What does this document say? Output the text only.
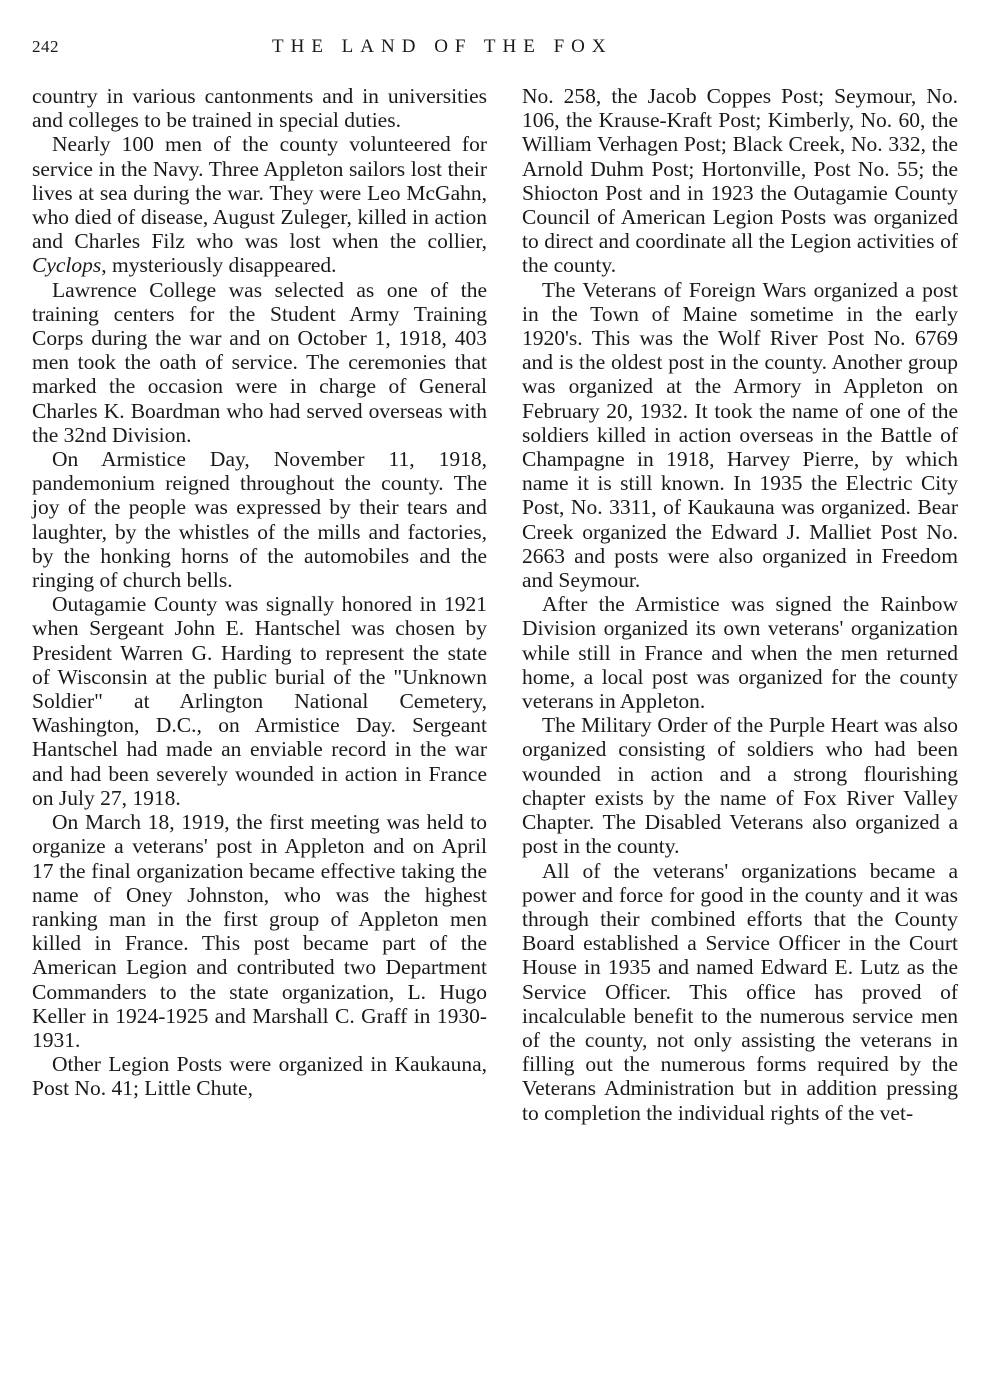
242	THE LAND OF THE FOX

country in various cantonments and in universities and colleges to be trained in special duties.

Nearly 100 men of the county volunteered for service in the Navy. Three Appleton sailors lost their lives at sea during the war. They were Leo McGahn, who died of disease, August Zuleger, killed in action and Charles Filz who was lost when the collier, Cyclops, mysteriously disappeared.

Lawrence College was selected as one of the training centers for the Student Army Training Corps during the war and on October 1, 1918, 403 men took the oath of service. The ceremonies that marked the occasion were in charge of General Charles K. Boardman who had served overseas with the 32nd Division.

On Armistice Day, November 11, 1918, pandemonium reigned throughout the county. The joy of the people was expressed by their tears and laughter, by the whistles of the mills and factories, by the honking horns of the automobiles and the ringing of church bells.

Outagamie County was signally honored in 1921 when Sergeant John E. Hantschel was chosen by President Warren G. Harding to represent the state of Wisconsin at the public burial of the "Unknown Soldier" at Arlington National Cemetery, Washington, D.C., on Armistice Day. Sergeant Hantschel had made an enviable record in the war and had been severely wounded in action in France on July 27, 1918.

On March 18, 1919, the first meeting was held to organize a veterans' post in Appleton and on April 17 the final organization became effective taking the name of Oney Johnston, who was the highest ranking man in the first group of Appleton men killed in France. This post became part of the American Legion and contributed two Department Commanders to the state organization, L. Hugo Keller in 1924-1925 and Marshall C. Graff in 1930-1931.

Other Legion Posts were organized in Kaukauna, Post No. 41; Little Chute,

No. 258, the Jacob Coppes Post; Seymour, No. 106, the Krause-Kraft Post; Kimberly, No. 60, the William Verhagen Post; Black Creek, No. 332, the Arnold Duhm Post; Hortonville, Post No. 55; the Shiocton Post and in 1923 the Outagamie County Council of American Legion Posts was organized to direct and coordinate all the Legion activities of the county.

The Veterans of Foreign Wars organized a post in the Town of Maine sometime in the early 1920's. This was the Wolf River Post No. 6769 and is the oldest post in the county. Another group was organized at the Armory in Appleton on February 20, 1932. It took the name of one of the soldiers killed in action overseas in the Battle of Champagne in 1918, Harvey Pierre, by which name it is still known. In 1935 the Electric City Post, No. 3311, of Kaukauna was organized. Bear Creek organized the Edward J. Malliet Post No. 2663 and posts were also organized in Freedom and Seymour.

After the Armistice was signed the Rainbow Division organized its own veterans' organization while still in France and when the men returned home, a local post was organized for the county veterans in Appleton.

The Military Order of the Purple Heart was also organized consisting of soldiers who had been wounded in action and a strong flourishing chapter exists by the name of Fox River Valley Chapter. The Disabled Veterans also organized a post in the county.

All of the veterans' organizations became a power and force for good in the county and it was through their combined efforts that the County Board established a Service Officer in the Court House in 1935 and named Edward E. Lutz as the Service Officer. This office has proved of incalculable benefit to the numerous service men of the county, not only assisting the veterans in filling out the numerous forms required by the Veterans Administration but in addition pressing to completion the individual rights of the vet-
